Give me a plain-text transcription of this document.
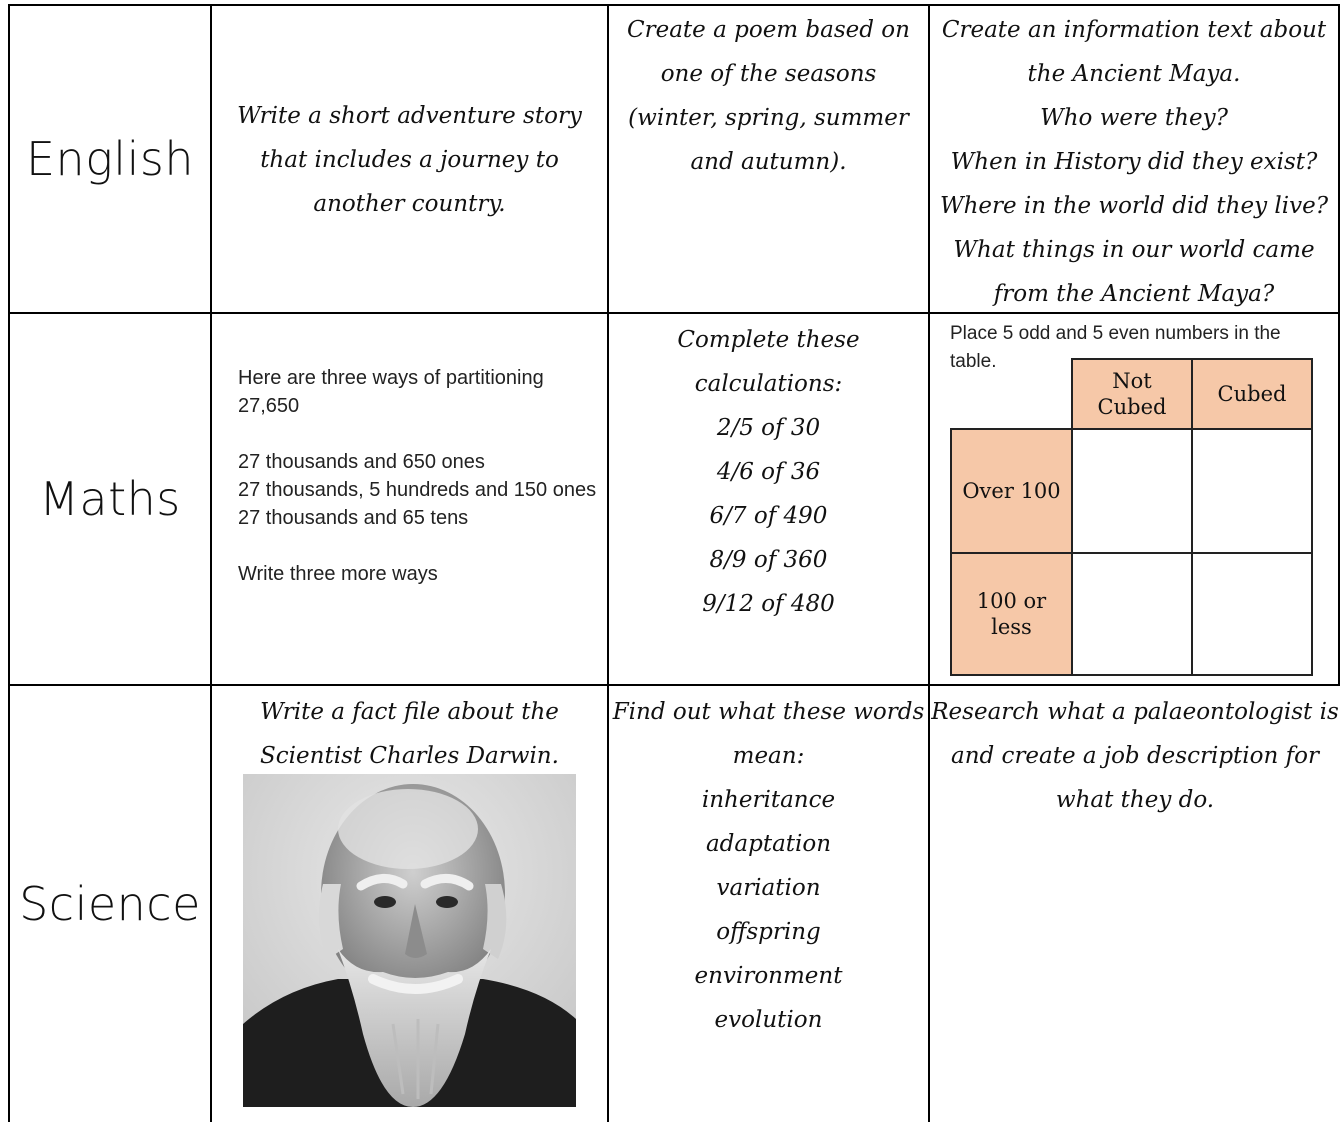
English
Write a short adventure story
that includes a journey to
another country.
Create a poem based on
one of the seasons
(winter, spring, summer
and autumn).
Create an information text about
the Ancient Maya.
Who were they?
When in History did they exist?
Where in the world did they live?
What things in our world came
from the Ancient Maya?
Maths
Here are three ways of partitioning
27,650
27 thousands and 650 ones
27 thousands, 5 hundreds and 150 ones
27 thousands and 65 tens
Write three more ways
Complete these
calculations:
2/5 of 30
4/6 of 36
6/7 of 490
8/9 of 360
9/12 of 480
Place 5 odd and 5 even numbers in the
table.
Not Cubed
Cubed
Over 100
100 or less
Science
Write a fact file about the
Scientist Charles Darwin.
Find out what these words
mean:
inheritance
adaptation
variation
offspring
environment
evolution
Research what a palaeontologist is
and create a job description for
what they do.
